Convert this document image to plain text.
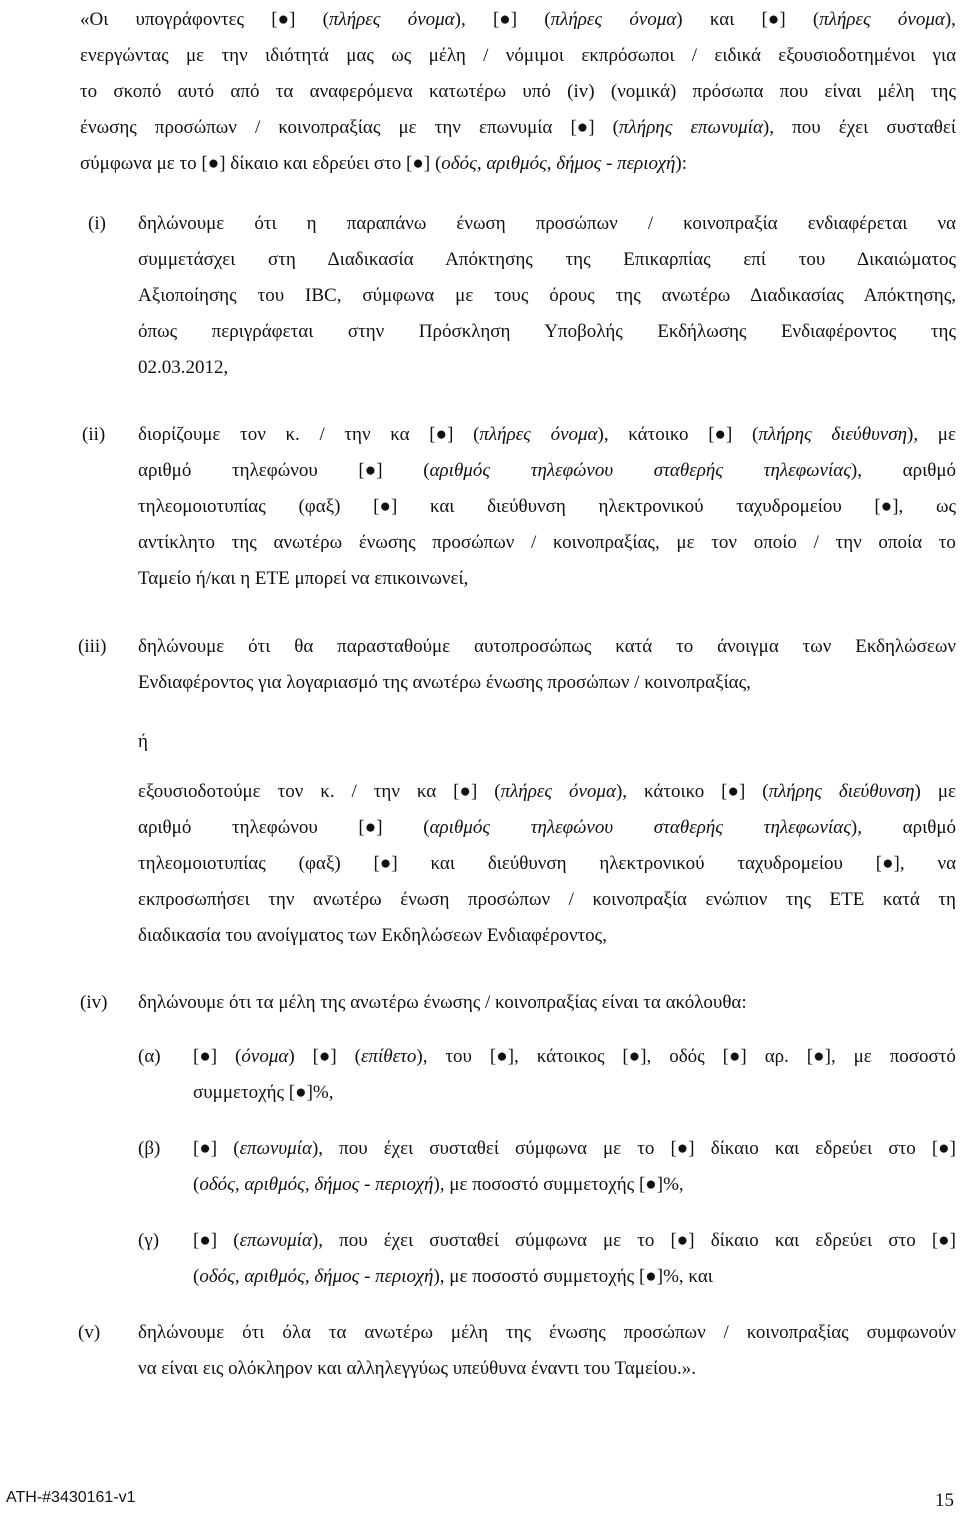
«Οι υπογράφοντες [●] (πλήρες όνομα), [●] (πλήρες όνομα) και [●] (πλήρες όνομα),
ενεργώντας με την ιδιότητά μας ως μέλη / νόμιμοι εκπρόσωποι / ειδικά εξουσιοδοτημένοι για
το σκοπό αυτό από τα αναφερόμενα κατωτέρω υπό (iv) (νομικά) πρόσωπα που είναι μέλη της
ένωσης προσώπων / κοινοπραξίας με την επωνυμία [●] (πλήρης επωνυμία), που έχει συσταθεί
σύμφωνα με το [●] δίκαιο και εδρεύει στο [●] (οδός, αριθμός, δήμος - περιοχή):
(i) δηλώνουμε ότι η παραπάνω ένωση προσώπων / κοινοπραξία ενδιαφέρεται να
συμμετάσχει στη Διαδικασία Απόκτησης της Επικαρπίας επί του Δικαιώματος
Αξιοποίησης του IBC, σύμφωνα με τους όρους της ανωτέρω Διαδικασίας Απόκτησης,
όπως περιγράφεται στην Πρόσκληση Υποβολής Εκδήλωσης Ενδιαφέροντος της
02.03.2012,
(ii) διορίζουμε τον κ. / την κα [●] (πλήρες όνομα), κάτοικο [●] (πλήρης διεύθυνση), με
αριθμό τηλεφώνου [●] (αριθμός τηλεφώνου σταθερής τηλεφωνίας), αριθμό
τηλεομοιοτυπίας (φαξ) [●] και διεύθυνση ηλεκτρονικού ταχυδρομείου [●], ως
αντίκλητο της ανωτέρω ένωσης προσώπων / κοινοπραξίας, με τον οποίο / την οποία το
Ταμείο ή/και η ΕΤΕ μπορεί να επικοινωνεί,
(iii) δηλώνουμε ότι θα παρασταθούμε αυτοπροσώπως κατά το άνοιγμα των Εκδηλώσεων
Ενδιαφέροντος για λογαριασμό της ανωτέρω ένωσης προσώπων / κοινοπραξίας,
ή
εξουσιοδοτούμε τον κ. / την κα [●] (πλήρες όνομα), κάτοικο [●] (πλήρης διεύθυνση) με
αριθμό τηλεφώνου [●] (αριθμός τηλεφώνου σταθερής τηλεφωνίας), αριθμό
τηλεομοιοτυπίας (φαξ) [●] και διεύθυνση ηλεκτρονικού ταχυδρομείου [●], να
εκπροσωπήσει την ανωτέρω ένωση προσώπων / κοινοπραξία ενώπιον της ΕΤΕ κατά τη
διαδικασία του ανοίγματος των Εκδηλώσεων Ενδιαφέροντος,
(iv) δηλώνουμε ότι τα μέλη της ανωτέρω ένωσης / κοινοπραξίας είναι τα ακόλουθα:
(α) [●] (όνομα) [●] (επίθετο), του [●], κάτοικος [●], οδός [●] αρ. [●], με ποσοστό
συμμετοχής [●]%,
(β) [●] (επωνυμία), που έχει συσταθεί σύμφωνα με το [●] δίκαιο και εδρεύει στο [●]
(οδός, αριθμός, δήμος - περιοχή), με ποσοστό συμμετοχής [●]%,
(γ) [●] (επωνυμία), που έχει συσταθεί σύμφωνα με το [●] δίκαιο και εδρεύει στο [●]
(οδός, αριθμός, δήμος - περιοχή), με ποσοστό συμμετοχής [●]%, και
(v) δηλώνουμε ότι όλα τα ανωτέρω μέλη της ένωσης προσώπων / κοινοπραξίας συμφωνούν
να είναι εις ολόκληρον και αλληλεγγύως υπεύθυνα έναντι του Ταμείου.».
ATH-#3430161-v1	15
